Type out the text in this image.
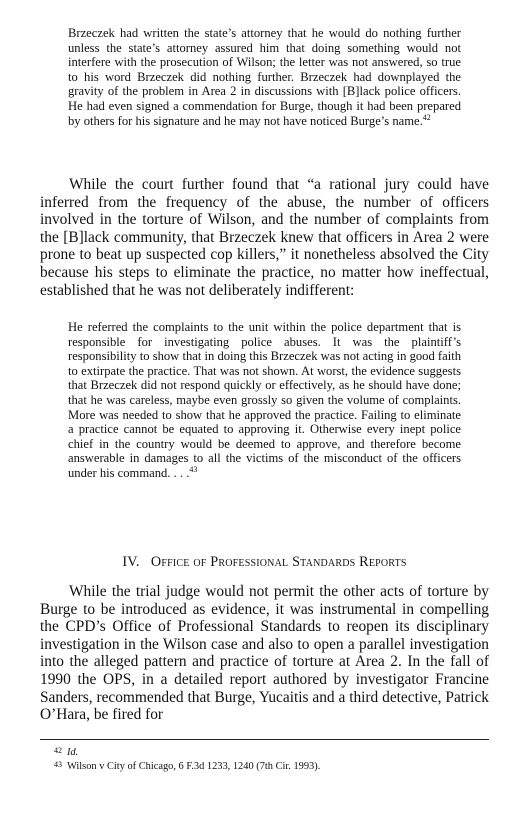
Brzeczek had written the state’s attorney that he would do nothing further unless the state’s attorney assured him that doing something would not interfere with the prosecution of Wilson; the letter was not answered, so true to his word Brzeczek did nothing further. Brzeczek had downplayed the gravity of the problem in Area 2 in discussions with [B]lack police officers. He had even signed a commendation for Burge, though it had been prepared by others for his signature and he may not have noticed Burge’s name.$^{42}$
While the court further found that “a rational jury could have inferred from the frequency of the abuse, the number of officers involved in the torture of Wilson, and the number of complaints from the [B]lack community, that Brzeczek knew that officers in Area 2 were prone to beat up suspected cop killers,” it nonetheless absolved the City because his steps to eliminate the practice, no matter how ineffectual, established that he was not deliberately indifferent:
He referred the complaints to the unit within the police department that is responsible for investigating police abuses. It was the plaintiff’s responsibility to show that in doing this Brzeczek was not acting in good faith to extirpate the practice. That was not shown. At worst, the evidence suggests that Brzeczek did not respond quickly or effectively, as he should have done; that he was careless, maybe even grossly so given the volume of complaints. More was needed to show that he approved the practice. Failing to eliminate a practice cannot be equated to approving it. Otherwise every inept police chief in the country would be deemed to approve, and therefore become answerable in damages to all the victims of the misconduct of the officers under his command. . . .$^{43}$
IV. Office of Professional Standards Reports
While the trial judge would not permit the other acts of torture by Burge to be introduced as evidence, it was instrumental in compelling the CPD’s Office of Professional Standards to reopen its disciplinary investigation in the Wilson case and also to open a parallel investigation into the alleged pattern and practice of torture at Area 2. In the fall of 1990 the OPS, in a detailed report authored by investigator Francine Sanders, recommended that Burge, Yucaitis and a third detective, Patrick O’Hara, be fired for
42 Id.
43 Wilson v City of Chicago, 6 F.3d 1233, 1240 (7th Cir. 1993).
